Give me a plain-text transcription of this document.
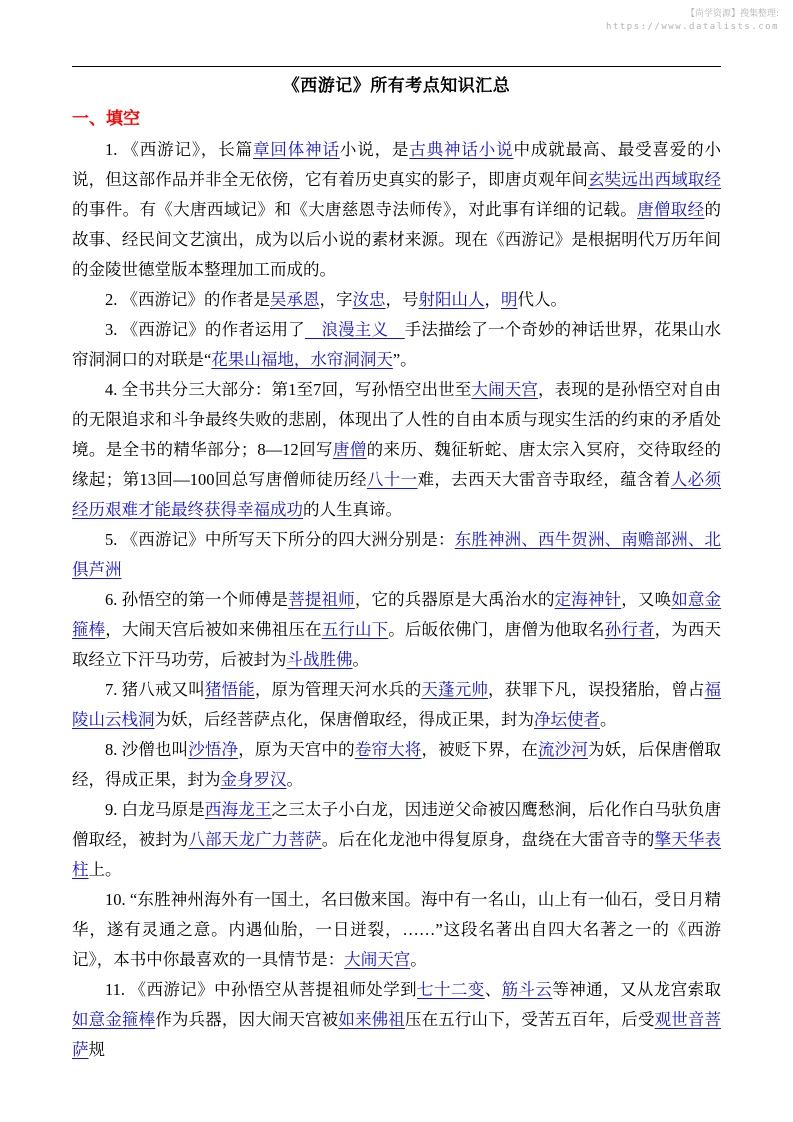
【尚学资源】搜集整理:
https://www.datalists.com
《西游记》所有考点知识汇总
一、填空

1. 《西游记》，长篇章回体神话小说，是古典神话小说中成就最高、最受喜爱的小说，但这部作品并非全无依傍，它有着历史真实的影子，即唐贞观年间玄奘远出西域取经的事件。有《大唐西域记》和《大唐慈恩寺法师传》，对此事有详细的记载。唐僧取经的故事、经民间文艺演出，成为以后小说的素材来源。现在《西游记》是根据明代万历年间的金陵世德堂版本整理加工而成的。

2. 《西游记》的作者是吴承恩，字汝忠，号射阳山人，明代人。

3. 《西游记》的作者运用了　浪漫主义　手法描绘了一个奇妙的神话世界，花果山水帘洞洞口的对联是“花果山福地，水帘洞洞天”。

4. 全书共分三大部分：第1至7回，写孙悟空出世至大闹天宫，表现的是孙悟空对自由的无限追求和斗争最终失败的悲剧，体现出了人性的自由本质与现实生活的约束的矛盾处境。是全书的精华部分；8—12回写唐僧的来历、魏征斩蛇、唐太宗入冥府，交待取经的缘起；第13回—100回总写唐僧师徒历经八十一难，去西天大雷音寺取经，蕴含着人必须经历艰难才能最终获得幸福成功的人生真谛。

5. 《西游记》中所写天下所分的四大洲分别是：东胜神洲、西牛贺洲、南赡部洲、北俱芦洲

6. 孙悟空的第一个师傅是菩提祖师，它的兵器原是大禹治水的定海神针，又唤如意金箍棒，大闹天宫后被如来佛祖压在五行山下。后皈依佛门，唐僧为他取名孙行者，为西天取经立下汗马功劳，后被封为斗战胜佛。

7. 猪八戒又叫猪悟能，原为管理天河水兵的天蓬元帅，获罪下凡，误投猪胎，曾占福陵山云栈洞为妖，后经菩萨点化，保唐僧取经，得成正果，封为净坛使者。

8. 沙僧也叫沙悟净，原为天宫中的卷帘大将，被贬下界，在流沙河为妖，后保唐僧取经，得成正果，封为金身罗汉。

9. 白龙马原是西海龙王之三太子小白龙，因违逆父命被囚鹰愁涧，后化作白马驮负唐僧取经，被封为八部天龙广力菩萨。后在化龙池中得复原身，盘绕在大雷音寺的擎天华表柱上。

10. “东胜神州海外有一国土，名曰傲来国。海中有一名山，山上有一仙石，受日月精华，遂有灵通之意。内遇仙胎，一日迸裂，……”这段名著出自四大名著之一的《西游记》，本书中你最喜欢的一具情节是：大闹天宫。

11. 《西游记》中孙悟空从菩提祖师处学到七十二变、筋斗云等神通，又从龙宫索取如意金箍棒作为兵器，因大闹天宫被如来佛祖压在五行山下，受苦五百年，后受观世音菩萨规
